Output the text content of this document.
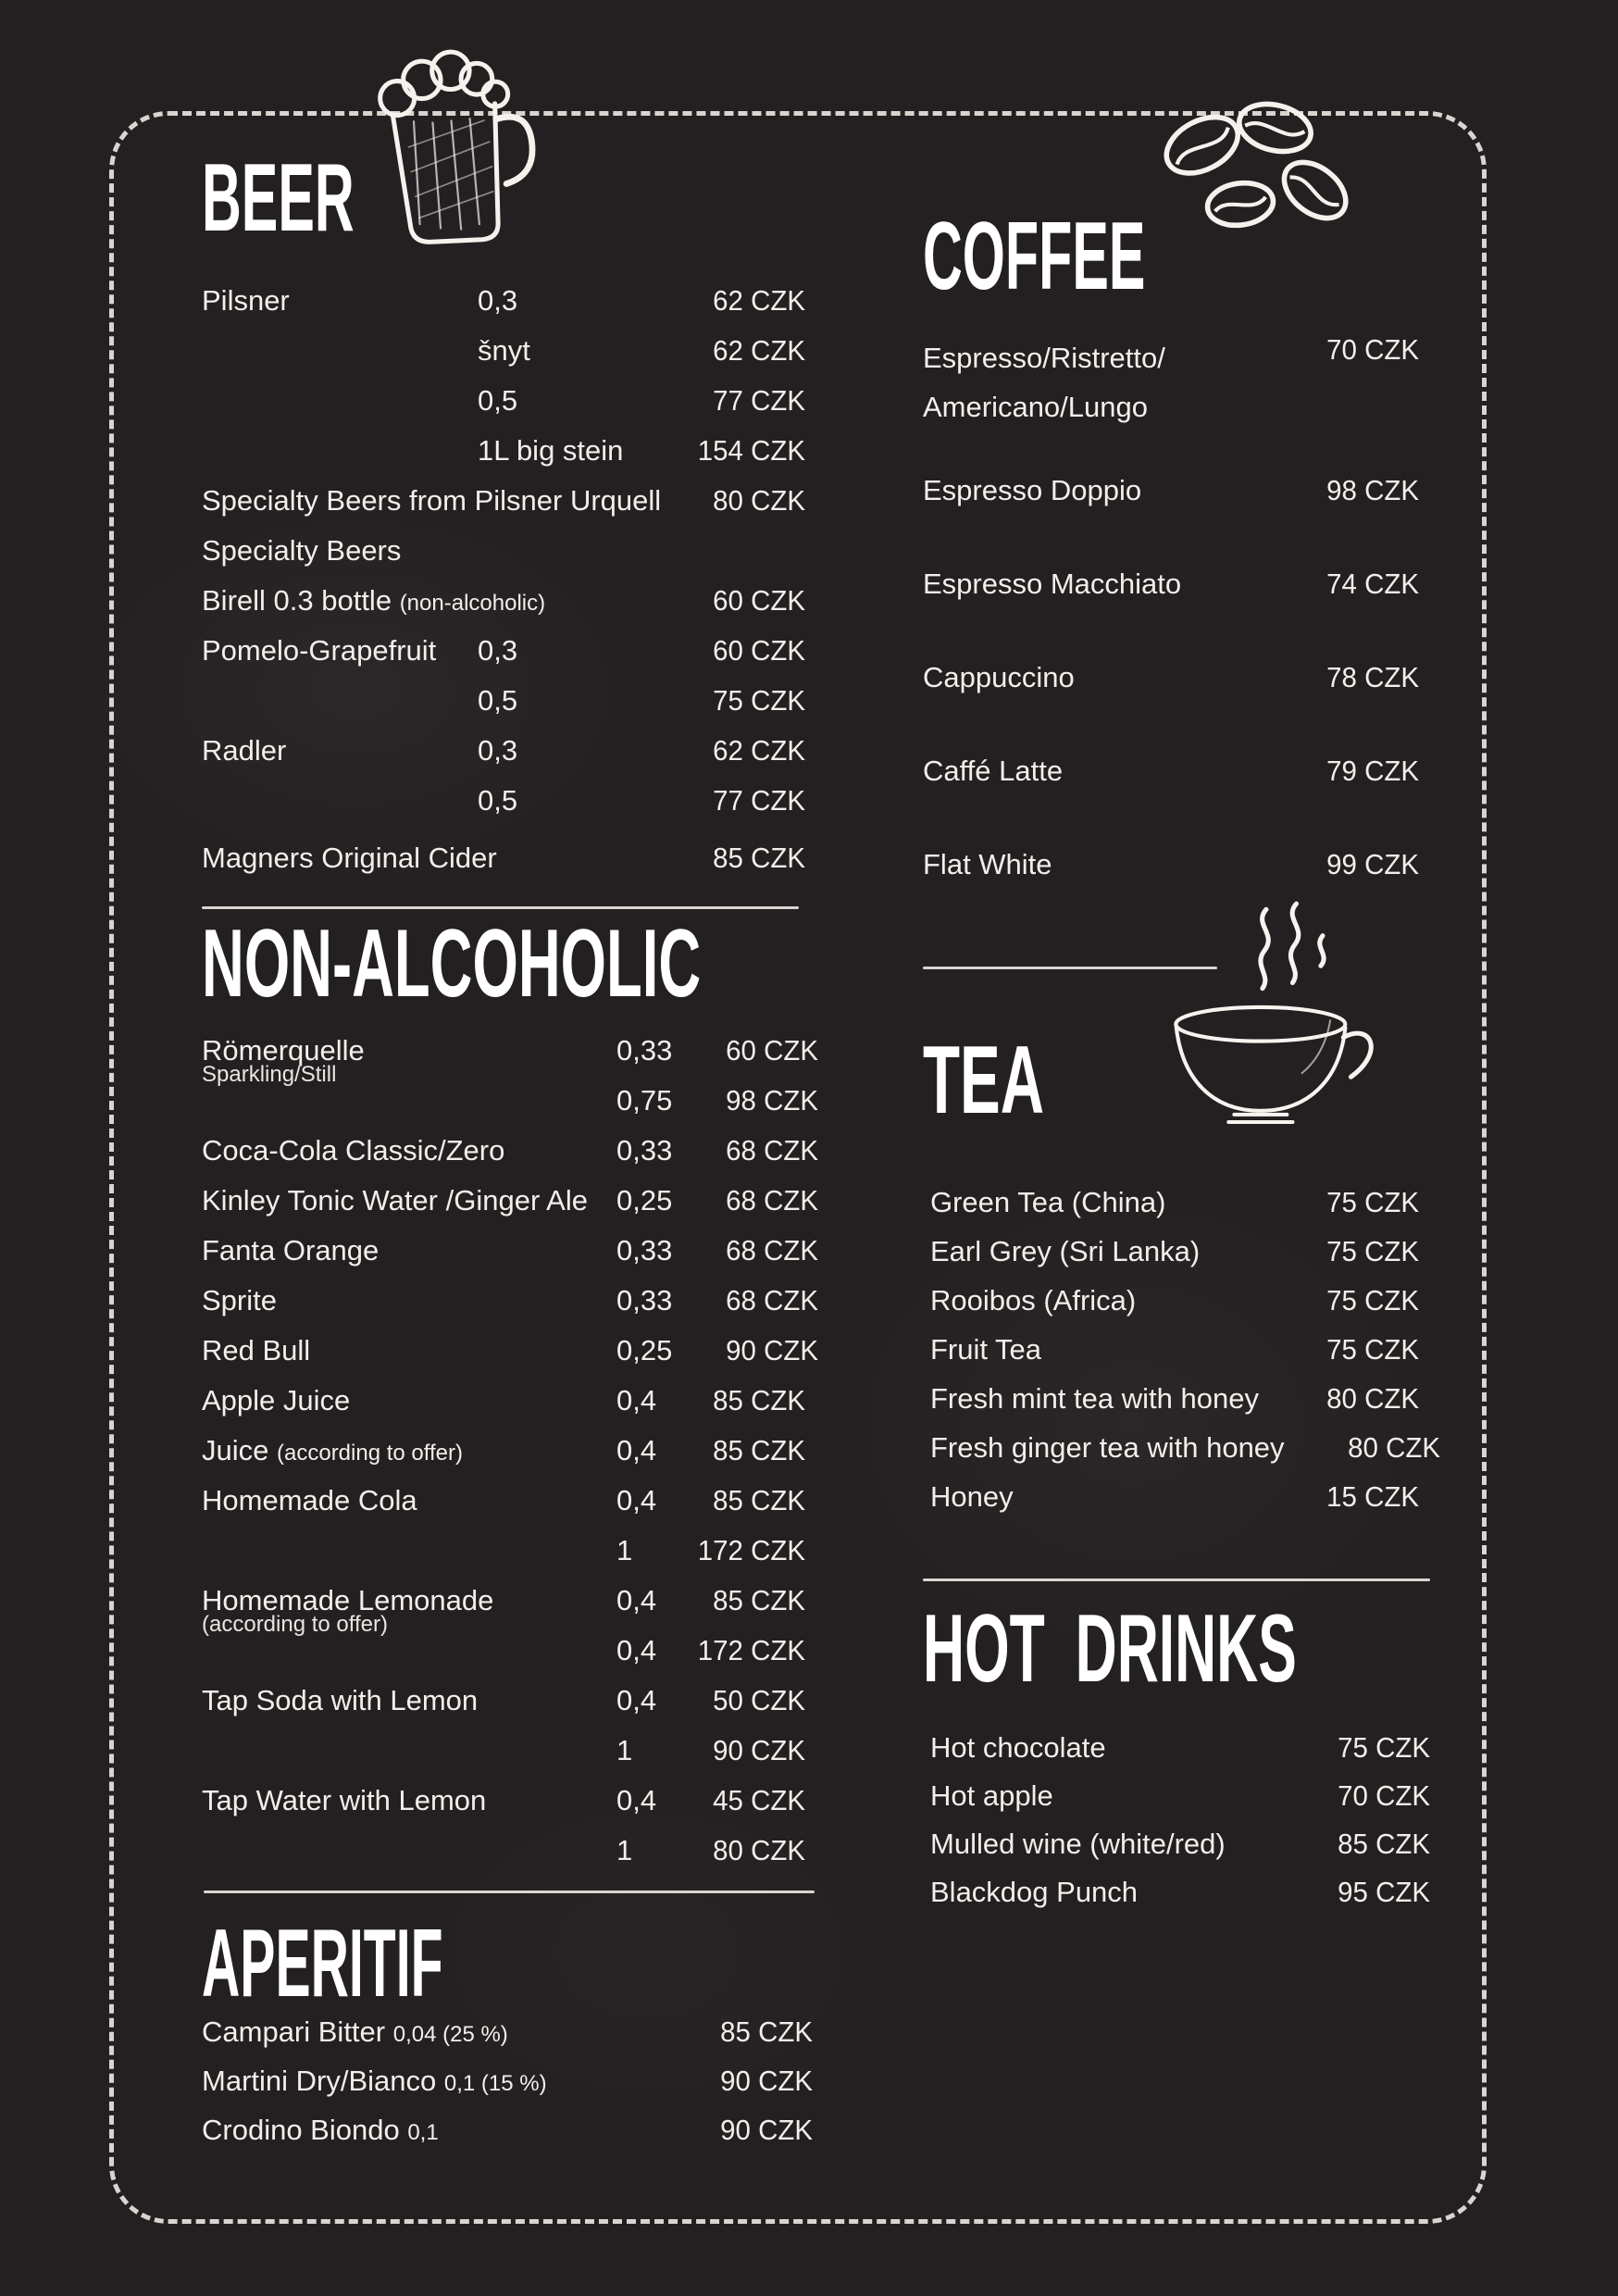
BEER
COFFEE
NON-ALCOHOLIC
TEA
HOT DRINKS
APERITIF
Pilsner	0,3	62 CZK
šnyt	62 CZK
0,5	77 CZK
1L big stein	154 CZK
Specialty Beers from Pilsner Urquell	80 CZK
Specialty Beers
Birell 0.3 bottle (non-alcoholic)	60 CZK
Pomelo-Grapefruit	0,3	60 CZK
0,5	75 CZK
Radler	0,3	62 CZK
0,5	77 CZK
Magners Original Cider	85 CZK
Römerquelle
Sparkling/Still
0,33	60 CZK
0,75	98 CZK
Coca-Cola Classic/Zero	0,33	68 CZK
Kinley Tonic Water /Ginger Ale	0,25	68 CZK
Fanta Orange	0,33	68 CZK
Sprite	0,33	68 CZK
Red Bull	0,25	90 CZK
Apple Juice	0,4	85 CZK
Juice (according to offer)	0,4	85 CZK
Homemade Cola	0,4	85 CZK
1	172 CZK
Homemade Lemonade
(according to offer)
0,4	85 CZK
0,4	172 CZK
Tap Soda with Lemon	0,4	50 CZK
1	90 CZK
Tap Water with Lemon	0,4	45 CZK
1	80 CZK
Campari Bitter 0,04 (25 %)	85 CZK
Martini Dry/Bianco 0,1 (15 %)	90 CZK
Crodino Biondo 0,1	90 CZK
Espresso/Ristretto/
Americano/Lungo
70 CZK
Espresso Doppio	98 CZK
Espresso Macchiato	74 CZK
Cappuccino	78 CZK
Caffé Latte	79 CZK
Flat White	99 CZK
Green Tea (China)	75 CZK
Earl Grey (Sri Lanka)	75 CZK
Rooibos (Africa)	75 CZK
Fruit Tea	75 CZK
Fresh mint tea with honey	80 CZK
Fresh ginger tea with honey	80 CZK
Honey	15 CZK
Hot chocolate	75 CZK
Hot apple	70 CZK
Mulled wine (white/red)	85 CZK
Blackdog Punch	95 CZK
